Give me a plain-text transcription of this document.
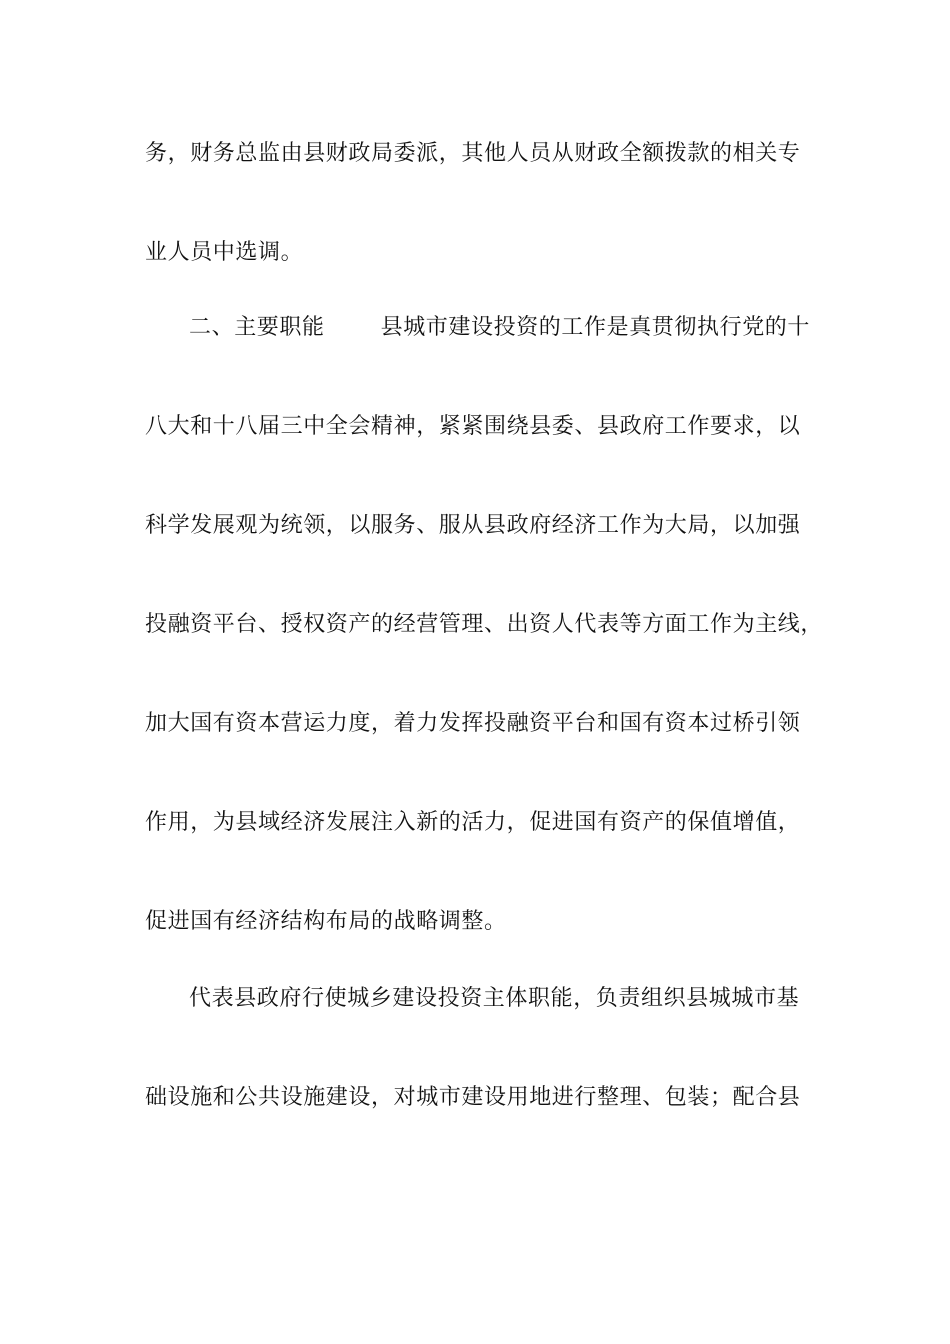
务，财务总监由县财政局委派，其他人员从财政全额拨款的相关专
业人员中选调。
二、主要职能	县城市建设投资的工作是真贯彻执行党的十
八大和十八届三中全会精神，紧紧围绕县委、县政府工作要求，以
科学发展观为统领，以服务、服从县政府经济工作为大局，以加强
投融资平台、授权资产的经营管理、出资人代表等方面工作为主线，
加大国有资本营运力度，着力发挥投融资平台和国有资本过桥引领
作用，为县域经济发展注入新的活力，促进国有资产的保值增值，
促进国有经济结构布局的战略调整。
代表县政府行使城乡建设投资主体职能，负责组织县城城市基
础设施和公共设施建设，对城市建设用地进行整理、包装；配合县
